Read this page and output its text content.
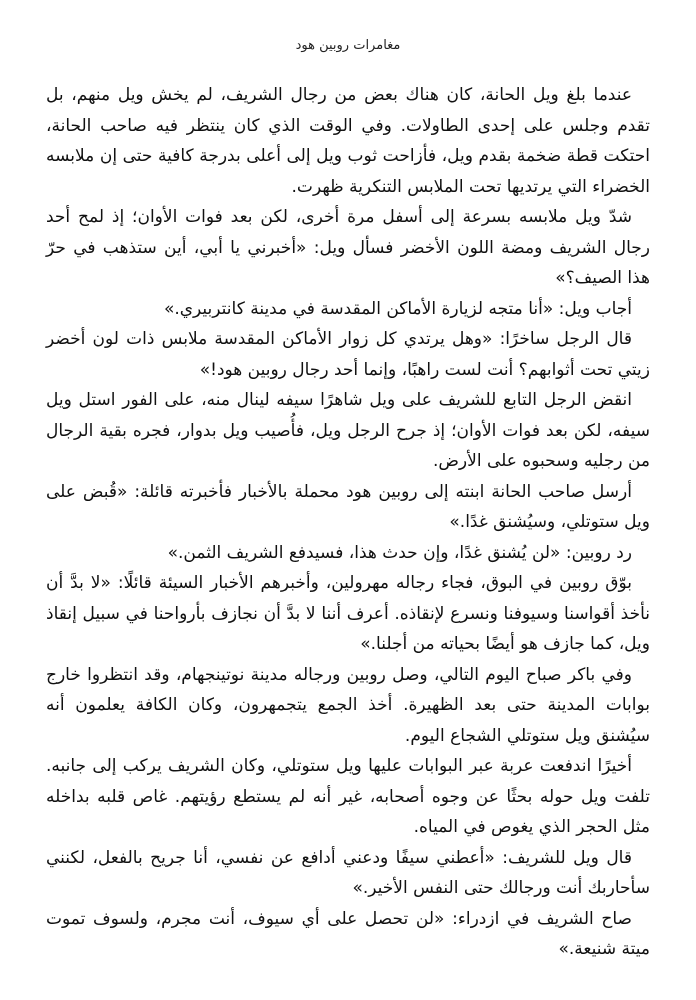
مغامرات روبين هود

عندما بلغ ويل الحانة، كان هناك بعض من رجال الشريف، لم يخش ويل منهم، بل تقدم وجلس على إحدى الطاولات. وفي الوقت الذي كان ينتظر فيه صاحب الحانة، احتكت قطة ضخمة بقدم ويل، فأزاحت ثوب ويل إلى أعلى بدرجة كافية حتى إن ملابسه الخضراء التي يرتديها تحت الملابس التنكرية ظهرت.

شدّ ويل ملابسه بسرعة إلى أسفل مرة أخرى، لكن بعد فوات الأوان؛ إذ لمح أحد رجال الشريف ومضة اللون الأخضر فسأل ويل: «أخبرني يا أبي، أين ستذهب في حرّ هذا الصيف؟»

أجاب ويل: «أنا متجه لزيارة الأماكن المقدسة في مدينة كانتربيري.»

قال الرجل ساخرًا: «وهل يرتدي كل زوار الأماكن المقدسة ملابس ذات لون أخضر زيتي تحت أثوابهم؟ أنت لست راهبًا، وإنما أحد رجال روبين هود!»

انقض الرجل التابع للشريف على ويل شاهرًا سيفه لينال منه، على الفور استل ويل سيفه، لكن بعد فوات الأوان؛ إذ جرح الرجل ويل، فأُصيب ويل بدوار، فجره بقية الرجال من رجليه وسحبوه على الأرض.

أرسل صاحب الحانة ابنته إلى روبين هود محملة بالأخبار فأخبرته قائلة: «قُبض على ويل ستوتلي، وسيُشنق غدًا.»

رد روبين: «لن يُشنق غدًا، وإن حدث هذا، فسيدفع الشريف الثمن.»

بوّق روبين في البوق، فجاء رجاله مهرولين، وأخبرهم الأخبار السيئة قائلًا: «لا بدَّ أن نأخذ أقواسنا وسيوفنا ونسرع لإنقاذه. أعرف أننا لا بدَّ أن نجازف بأرواحنا في سبيل إنقاذ ويل، كما جازف هو أيضًا بحياته من أجلنا.»

وفي باكر صباح اليوم التالي، وصل روبين ورجاله مدينة نوتينجهام، وقد انتظروا خارج بوابات المدينة حتى بعد الظهيرة. أخذ الجمع يتجمهرون، وكان الكافة يعلمون أنه سيُشنق ويل ستوتلي الشجاع اليوم.

أخيرًا اندفعت عربة عبر البوابات عليها ويل ستوتلي، وكان الشريف يركب إلى جانبه. تلفت ويل حوله بحثًا عن وجوه أصحابه، غير أنه لم يستطع رؤيتهم. غاص قلبه بداخله مثل الحجر الذي يغوص في المياه.

قال ويل للشريف: «أعطني سيفًا ودعني أدافع عن نفسي، أنا جريح بالفعل، لكنني سأحاربك أنت ورجالك حتى النفس الأخير.»

صاح الشريف في ازدراء: «لن تحصل على أي سيوف، أنت مجرم، ولسوف تموت ميتة شنيعة.»
